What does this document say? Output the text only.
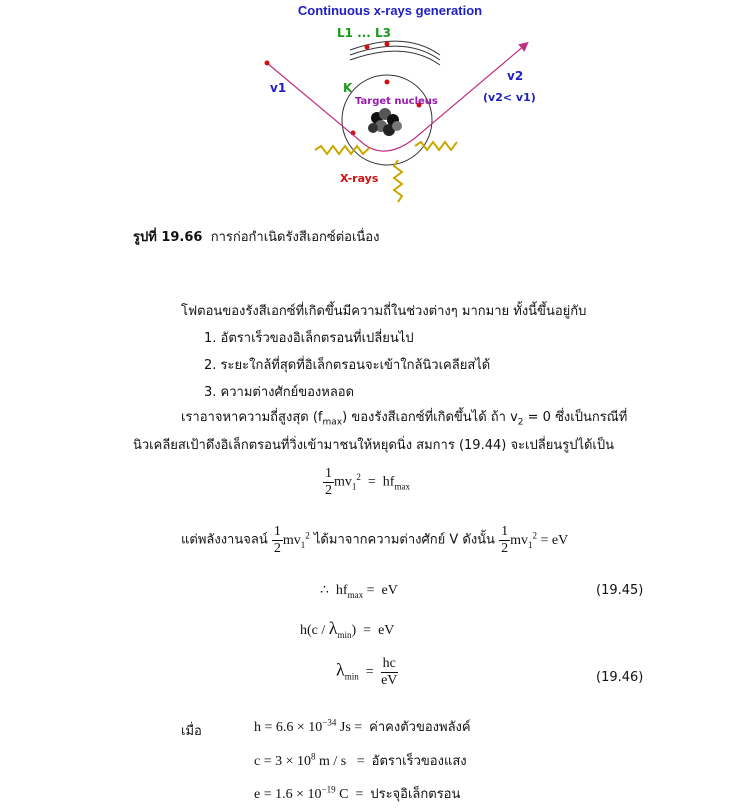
Continuous x-rays generation
L1 ... L3
K
Target nucleus
v1
v2
(v2< v1)
X-rays
รูปที่ 19.66 การก่อกำเนิดรังสีเอกซ์ต่อเนื่อง
โฟตอนของรังสีเอกซ์ที่เกิดขึ้นมีความถี่ในช่วงต่างๆ มากมาย ทั้งนี้ขึ้นอยู่กับ
1. อัตราเร็วของอิเล็กตรอนที่เปลี่ยนไป
2. ระยะใกล้ที่สุดที่อิเล็กตรอนจะเข้าใกล้นิวเคลียสได้
3. ความต่างศักย์ของหลอด
เราอาจหาความถี่สูงสุด $(f_{max})$ ของรังสีเอกซ์ที่เกิดขึ้นได้ ถ้า $v_2 = 0$ ซึ่งเป็นกรณีที่
นิวเคลียสเป้าดึงอิเล็กตรอนที่วิ่งเข้ามาชนให้หยุดนิ่ง สมการ (19.44) จะเปลี่ยนรูปได้เป็น
$\frac{1}{2} mv_1^2 = hf_{max}$
แต่พลังงานจลน์ $\frac{1}{2} mv_1^2$ ได้มาจากความต่างศักย์ V ดังนั้น $\frac{1}{2} mv_1^2$ = eV
∴  $hf_{max}$ =  eV	(19.45)
$h(c / \lambda_{min})$  =  eV
$\lambda_{min} = \frac{hc}{eV}$	(19.46)
เมื่อ	$h = 6.6 \times 10^{-34}$ Js =  ค่าคงตัวของพลังค์
$c = 3 \times 10^8$ m / s   =  อัตราเร็วของแสง
$e = 1.6 \times 10^{-19}$ C  =  ประจุอิเล็กตรอน
